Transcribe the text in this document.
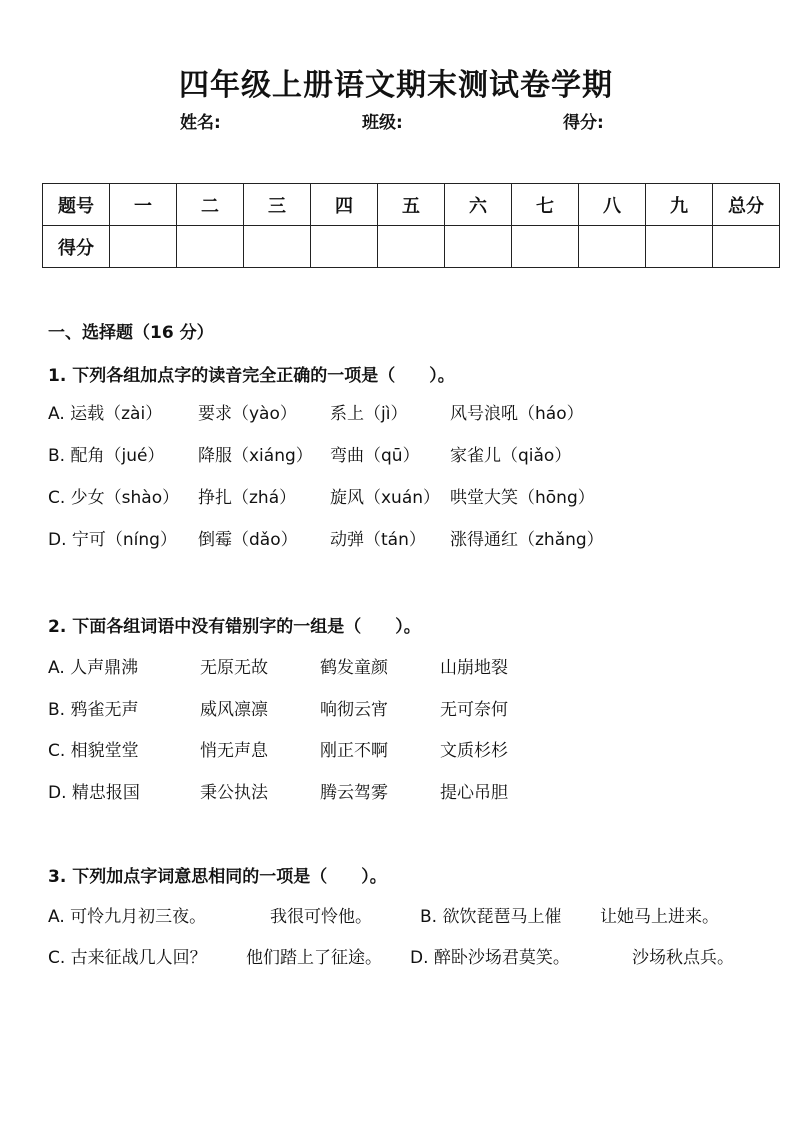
四年级上册语文期末测试卷学期
姓名:	班级:	得分:
题号	一	二	三	四	五	六	七	八	九	总分
得分										
一、选择题（16 分）
1. 下列各组加点字的读音完全正确的一项是（　　）。
A. 运载（zài） 要求（yào） 系上（jì）	风号浪吼（háo）
B. 配角（jué） 降服（xiáng） 弯曲（qū） 家雀儿（qiǎo）
C. 少女（shào） 挣扎（zhá） 旋风（xuán） 哄堂大笑（hōng）
D. 宁可（níng） 倒霉（dǎo） 动弹（tán） 涨得通红（zhǎng）
2. 下面各组词语中没有错别字的一组是（　　）。
A. 人声鼎沸	无原无故	鹤发童颜	山崩地裂
B. 鸦雀无声	威风凛凛	响彻云宵	无可奈何
C. 相貌堂堂	悄无声息	刚正不啊	文质杉杉
D. 精忠报国	秉公执法	腾云驾雾	提心吊胆
3. 下列加点字词意思相同的一项是（　　）。
A. 可怜九月初三夜。	我很可怜他。	B. 欲饮琵琶马上催 让她马上进来。
C. 古来征战几人回？ 他们踏上了征途。 D. 醉卧沙场君莫笑。	沙场秋点兵。
